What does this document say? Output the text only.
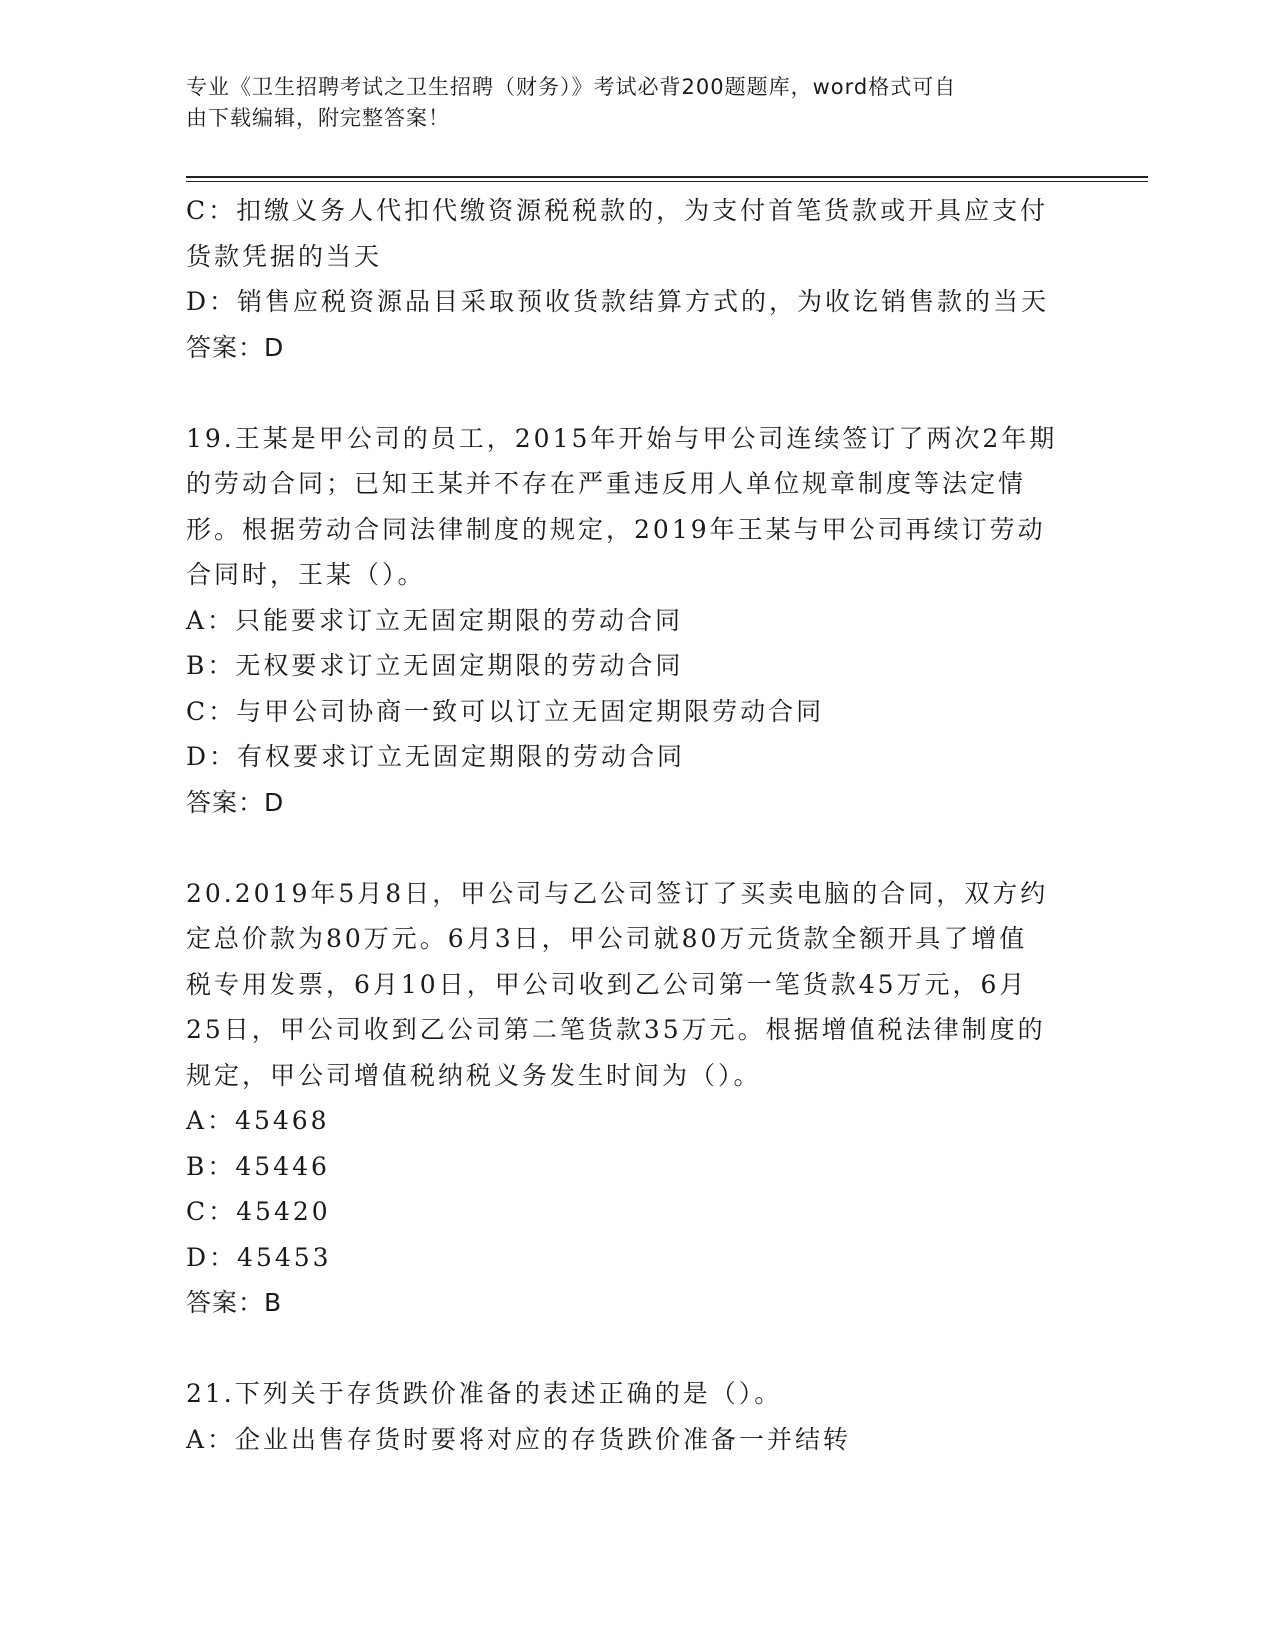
专业《卫生招聘考试之卫生招聘（财务）》考试必背200题题库，word格式可自
由下载编辑，附完整答案！
C：扣缴义务人代扣代缴资源税税款的，为支付首笔货款或开具应支付
货款凭据的当天
D：销售应税资源品目采取预收货款结算方式的，为收讫销售款的当天
答案：D
19.王某是甲公司的员工，2015年开始与甲公司连续签订了两次2年期
的劳动合同；已知王某并不存在严重违反用人单位规章制度等法定情
形。根据劳动合同法律制度的规定，2019年王某与甲公司再续订劳动
合同时，王某（）。
A：只能要求订立无固定期限的劳动合同
B：无权要求订立无固定期限的劳动合同
C：与甲公司协商一致可以订立无固定期限劳动合同
D：有权要求订立无固定期限的劳动合同
答案：D
20.2019年5月8日，甲公司与乙公司签订了买卖电脑的合同，双方约
定总价款为80万元。6月3日，甲公司就80万元货款全额开具了增值
税专用发票，6月10日，甲公司收到乙公司第一笔货款45万元，6月
25日，甲公司收到乙公司第二笔货款35万元。根据增值税法律制度的
规定，甲公司增值税纳税义务发生时间为（）。
A：45468
B：45446
C：45420
D：45453
答案：B
21.下列关于存货跌价准备的表述正确的是（）。
A：企业出售存货时要将对应的存货跌价准备一并结转
